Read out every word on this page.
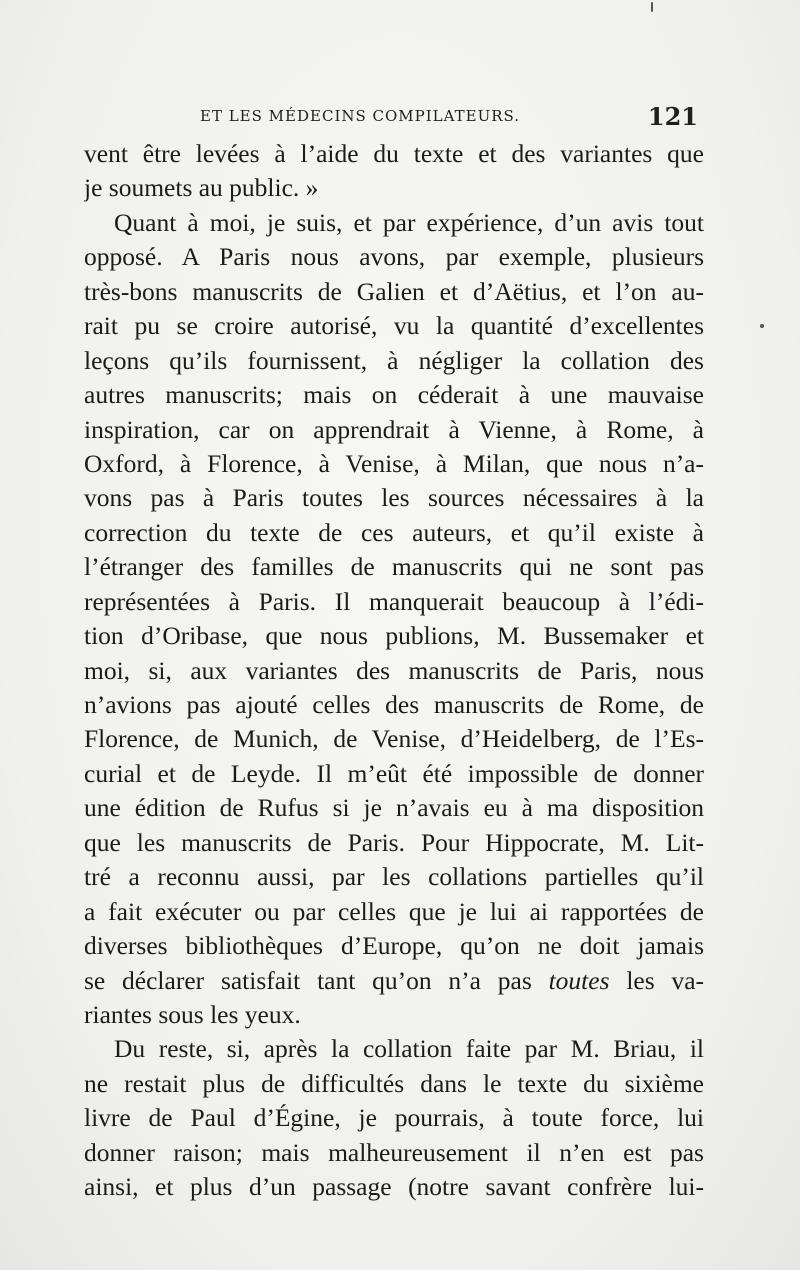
ET LES MÉDECINS COMPILATEURS.	121
vent être levées à l’aide du texte et des variantes que
je soumets au public. »
Quant à moi, je suis, et par expérience, d’un avis tout
opposé. A Paris nous avons, par exemple, plusieurs
très-bons manuscrits de Galien et d’Aëtius, et l’on au-
rait pu se croire autorisé, vu la quantité d’excellentes
leçons qu’ils fournissent, à négliger la collation des
autres manuscrits; mais on céderait à une mauvaise
inspiration, car on apprendrait à Vienne, à Rome, à
Oxford, à Florence, à Venise, à Milan, que nous n’a-
vons pas à Paris toutes les sources nécessaires à la
correction du texte de ces auteurs, et qu’il existe à
l’étranger des familles de manuscrits qui ne sont pas
représentées à Paris. Il manquerait beaucoup à l’édi-
tion d’Oribase, que nous publions, M. Bussemaker et
moi, si, aux variantes des manuscrits de Paris, nous
n’avions pas ajouté celles des manuscrits de Rome, de
Florence, de Munich, de Venise, d’Heidelberg, de l’Es-
curial et de Leyde. Il m’eût été impossible de donner
une édition de Rufus si je n’avais eu à ma disposition
que les manuscrits de Paris. Pour Hippocrate, M. Lit-
tré a reconnu aussi, par les collations partielles qu’il
a fait exécuter ou par celles que je lui ai rapportées de
diverses bibliothèques d’Europe, qu’on ne doit jamais
se déclarer satisfait tant qu’on n’a pas toutes les va-
riantes sous les yeux.
Du reste, si, après la collation faite par M. Briau, il
ne restait plus de difficultés dans le texte du sixième
livre de Paul d’Égine, je pourrais, à toute force, lui
donner raison; mais malheureusement il n’en est pas
ainsi, et plus d’un passage (notre savant confrère lui-
